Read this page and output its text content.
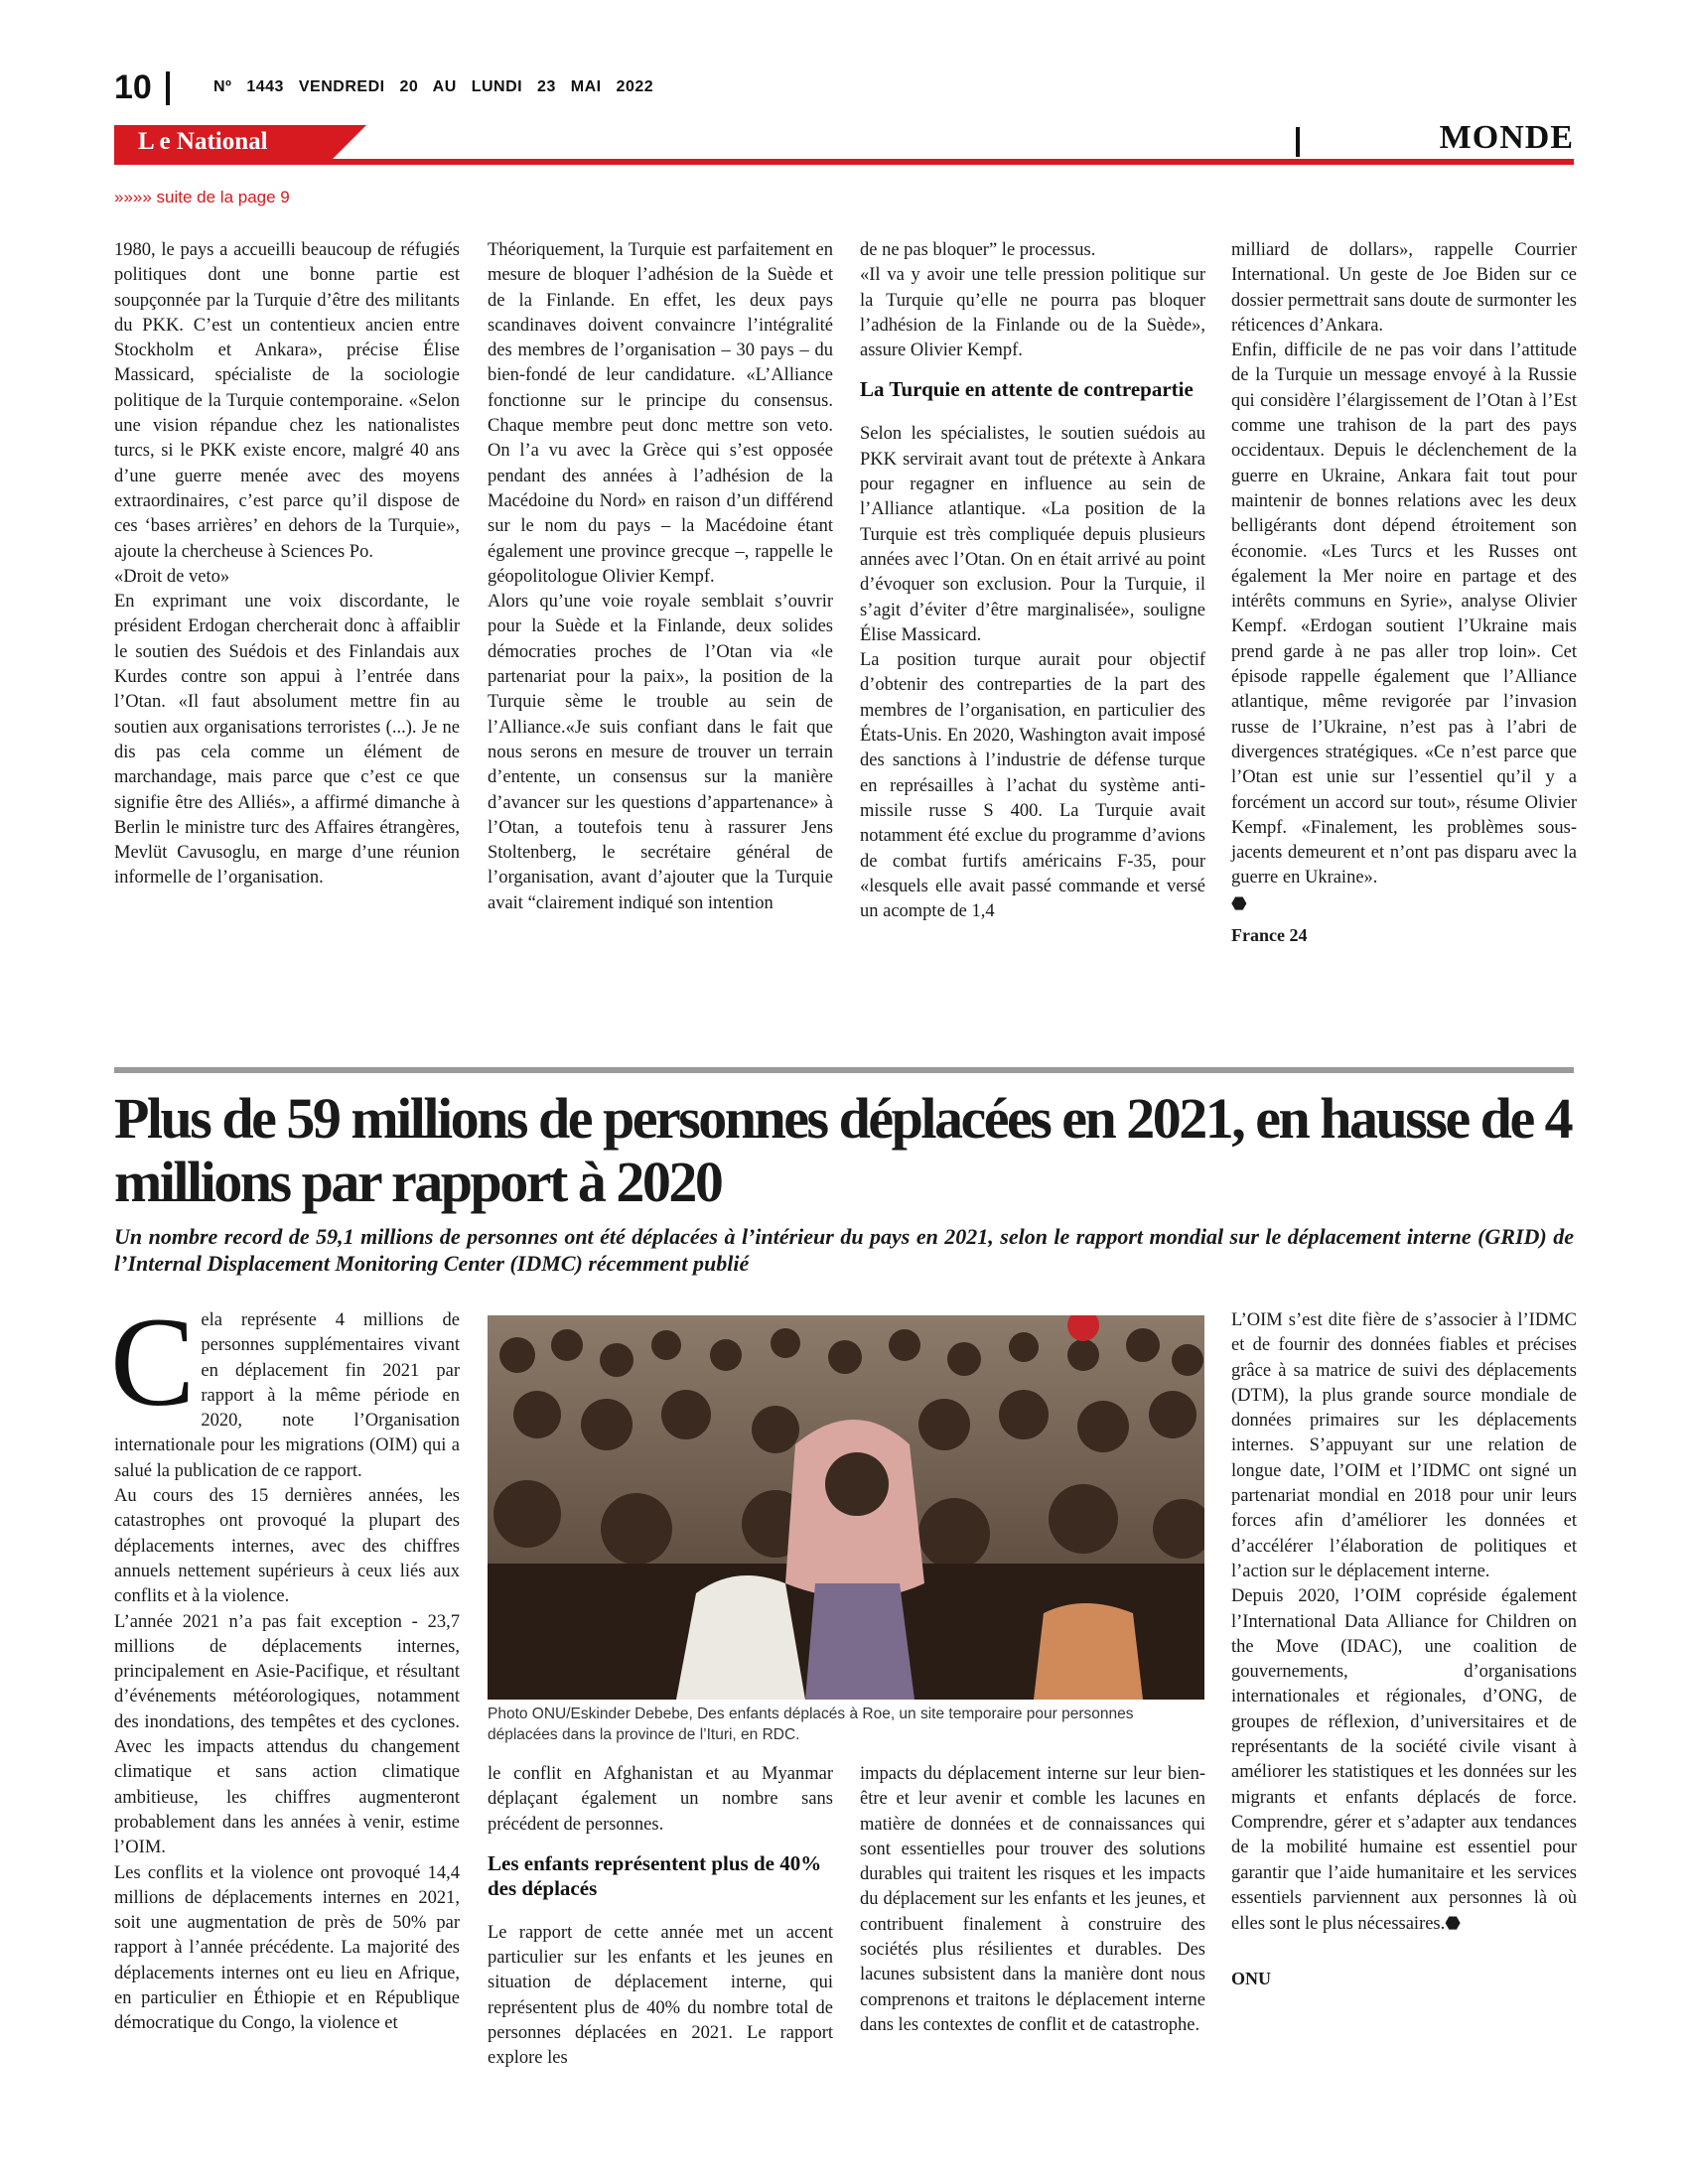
10	Nº 1443 VENDREDI 20 AU LUNDI 23 MAI 2022
L e National	MONDE
»»»» suite de la page 9

1980, le pays a accueilli beaucoup de réfugiés politiques dont une bonne partie est soupçonnée par la Turquie d’être des militants du PKK. C’est un contentieux ancien entre Stockholm et Ankara», précise Élise Massicard, spécialiste de la sociologie politique de la Turquie contemporaine. «Selon une vision répandue chez les nationalistes turcs, si le PKK existe encore, malgré 40 ans d’une guerre menée avec des moyens extraordinaires, c’est parce qu’il dispose de ces ‘bases arrières’ en dehors de la Turquie», ajoute la chercheuse à Sciences Po.

«Droit de veto»

En exprimant une voix discordante, le président Erdogan chercherait donc à affaiblir le soutien des Suédois et des Finlandais aux Kurdes contre son appui à l’entrée dans l’Otan. «Il faut absolument mettre fin au soutien aux organisations terroristes (...). Je ne dis pas cela comme un élément de marchandage, mais parce que c’est ce que signifie être des Alliés», a affirmé dimanche à Berlin le ministre turc des Affaires étrangères, Mevlüt Cavusoglu, en marge d’une réunion informelle de l’organisation.

Théoriquement, la Turquie est parfaitement en mesure de bloquer l’adhésion de la Suède et de la Finlande. En effet, les deux pays scandinaves doivent convaincre l’intégralité des membres de l’organisation – 30 pays – du bien-fondé de leur candidature. «L’Alliance fonctionne sur le principe du consensus. Chaque membre peut donc mettre son veto. On l’a vu avec la Grèce qui s’est opposée pendant des années à l’adhésion de la Macédoine du Nord» en raison d’un différend sur le nom du pays – la Macédoine étant également une province grecque –, rappelle le géopolitologue Olivier Kempf.

Alors qu’une voie royale semblait s’ouvrir pour la Suède et la Finlande, deux solides démocraties proches de l’Otan via «le partenariat pour la paix», la position de la Turquie sème le trouble au sein de l’Alliance.«Je suis confiant dans le fait que nous serons en mesure de trouver un terrain d’entente, un consensus sur la manière d’avancer sur les questions d’appartenance» à l’Otan, a toutefois tenu à rassurer Jens Stoltenberg, le secrétaire général de l’organisation, avant d’ajouter que la Turquie avait “clairement indiqué son intention

de ne pas bloquer” le processus.

«Il va y avoir une telle pression politique sur la Turquie qu’elle ne pourra pas bloquer l’adhésion de la Finlande ou de la Suède», assure Olivier Kempf.

La Turquie en attente de contrepartie

Selon les spécialistes, le soutien suédois au PKK servirait avant tout de prétexte à Ankara pour regagner en influence au sein de l’Alliance atlantique. «La position de la Turquie est très compliquée depuis plusieurs années avec l’Otan. On en était arrivé au point d’évoquer son exclusion. Pour la Turquie, il s’agit d’éviter d’être marginalisée», souligne Élise Massicard.

La position turque aurait pour objectif d’obtenir des contreparties de la part des membres de l’organisation, en particulier des États-Unis. En 2020, Washington avait imposé des sanctions à l’industrie de défense turque en représailles à l’achat du système anti-missile russe S 400. La Turquie avait notamment été exclue du programme d’avions de combat furtifs américains F-35, pour «lesquels elle avait passé commande et versé un acompte de 1,4

milliard de dollars», rappelle Courrier International. Un geste de Joe Biden sur ce dossier permettrait sans doute de surmonter les réticences d’Ankara.

Enfin, difficile de ne pas voir dans l’attitude de la Turquie un message envoyé à la Russie qui considère l’élargissement de l’Otan à l’Est comme une trahison de la part des pays occidentaux. Depuis le déclenchement de la guerre en Ukraine, Ankara fait tout pour maintenir de bonnes relations avec les deux belligérants dont dépend étroitement son économie. «Les Turcs et les Russes ont également la Mer noire en partage et des intérêts communs en Syrie», analyse Olivier Kempf. «Erdogan soutient l’Ukraine mais prend garde à ne pas aller trop loin». Cet épisode rappelle également que l’Alliance atlantique, même revigorée par l’invasion russe de l’Ukraine, n’est pas à l’abri de divergences stratégiques. «Ce n’est parce que l’Otan est unie sur l’essentiel qu’il y a forcément un accord sur tout», résume Olivier Kempf. «Finalement, les problèmes sous-jacents demeurent et n’ont pas disparu avec la guerre en Ukraine».
⬣

France 24

Plus de 59 millions de personnes déplacées en 2021, en hausse de 4 millions par rapport à 2020

Un nombre record de 59,1 millions de personnes ont été déplacées à l’intérieur du pays en 2021, selon le rapport mondial sur le déplacement interne (GRID) de l’Internal Displacement Monitoring Center (IDMC) récemment publié

Cela représente 4 millions de personnes supplémentaires vivant en déplacement fin 2021 par rapport à la même période en 2020, note l’Organisation internationale pour les migrations (OIM) qui a salué la publication de ce rapport.

Au cours des 15 dernières années, les catastrophes ont provoqué la plupart des déplacements internes, avec des chiffres annuels nettement supérieurs à ceux liés aux conflits et à la violence.

L’année 2021 n’a pas fait exception - 23,7 millions de déplacements internes, principalement en Asie-Pacifique, et résultant d’événements météorologiques, notamment des inondations, des tempêtes et des cyclones. Avec les impacts attendus du changement climatique et sans action climatique ambitieuse, les chiffres augmenteront probablement dans les années à venir, estime l’OIM.

Les conflits et la violence ont provoqué 14,4 millions de déplacements internes en 2021, soit une augmentation de près de 50% par rapport à l’année précédente. La majorité des déplacements internes ont eu lieu en Afrique, en particulier en Éthiopie et en République démocratique du Congo, la violence et

Photo ONU/Eskinder Debebe, Des enfants déplacés à Roe, un site temporaire pour personnes déplacées dans la province de l’Ituri, en RDC.

le conflit en Afghanistan et au Myanmar déplaçant également un nombre sans précédent de personnes.

Les enfants représentent plus de 40% des déplacés

Le rapport de cette année met un accent particulier sur les enfants et les jeunes en situation de déplacement interne, qui représentent plus de 40% du nombre total de personnes déplacées en 2021. Le rapport explore les

impacts du déplacement interne sur leur bien-être et leur avenir et comble les lacunes en matière de données et de connaissances qui sont essentielles pour trouver des solutions durables qui traitent les risques et les impacts du déplacement sur les enfants et les jeunes, et contribuent finalement à construire des sociétés plus résilientes et durables. Des lacunes subsistent dans la manière dont nous comprenons et traitons le déplacement interne dans les contextes de conflit et de catastrophe.

L’OIM s’est dite fière de s’associer à l’IDMC et de fournir des données fiables et précises grâce à sa matrice de suivi des déplacements (DTM), la plus grande source mondiale de données primaires sur les déplacements internes. S’appuyant sur une relation de longue date, l’OIM et l’IDMC ont signé un partenariat mondial en 2018 pour unir leurs forces afin d’améliorer les données et d’accélérer l’élaboration de politiques et l’action sur le déplacement interne.

Depuis 2020, l’OIM copréside également l’International Data Alliance for Children on the Move (IDAC), une coalition de gouvernements, d’organisations internationales et régionales, d’ONG, de groupes de réflexion, d’universitaires et de représentants de la société civile visant à améliorer les statistiques et les données sur les migrants et enfants déplacés de force. Comprendre, gérer et s’adapter aux tendances de la mobilité humaine est essentiel pour garantir que l’aide humanitaire et les services essentiels parviennent aux personnes là où elles sont le plus nécessaires.⬣

ONU
